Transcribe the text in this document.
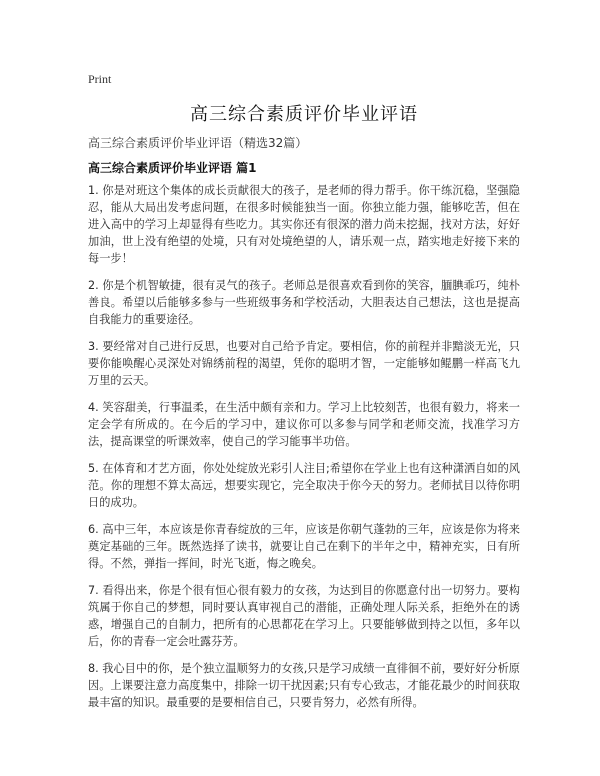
Print
高三综合素质评价毕业评语
高三综合素质评价毕业评语（精选32篇）
高三综合素质评价毕业评语 篇1

1. 你是对班这个集体的成长贡献很大的孩子，是老师的得力帮手。你干练沉稳，坚强隐忍，能从大局出发考虑问题，在很多时候能独当一面。你独立能力强，能够吃苦，但在进入高中的学习上却显得有些吃力。其实你还有很深的潜力尚未挖掘，找对方法，好好加油，世上没有绝望的处境，只有对处境绝望的人，请乐观一点，踏实地走好接下来的每一步！

2. 你是个机智敏捷，很有灵气的孩子。老师总是很喜欢看到你的笑容，腼腆乖巧，纯朴善良。希望以后能够多参与一些班级事务和学校活动，大胆表达自己想法，这也是提高自我能力的重要途径。

3. 要经常对自己进行反思，也要对自己给予肯定。要相信，你的前程并非黯淡无光，只要你能唤醒心灵深处对锦绣前程的渴望，凭你的聪明才智，一定能够如鲲鹏一样高飞九万里的云天。

4. 笑容甜美，行事温柔，在生活中颇有亲和力。学习上比较刻苦，也很有毅力，将来一定会学有所成的。在今后的学习中，建议你可以多参与同学和老师交流，找准学习方法，提高课堂的听课效率，使自己的学习能事半功倍。

5. 在体育和才艺方面，你处处绽放光彩引人注目;希望你在学业上也有这种潇洒自如的风范。你的理想不算太高远，想要实现它，完全取决于你今天的努力。老师拭目以待你明日的成功。

6. 高中三年，本应该是你青春绽放的三年，应该是你朝气蓬勃的三年，应该是你为将来奠定基础的三年。既然选择了读书，就要让自己在剩下的半年之中，精神充实，日有所得。不然，弹指一挥间，时光飞逝，悔之晚矣。

7. 看得出来，你是个很有恒心很有毅力的女孩，为达到目的你愿意付出一切努力。要构筑属于你自己的梦想，同时要认真审视自己的潜能，正确处理人际关系，拒绝外在的诱惑，增强自己的自制力，把所有的心思都花在学习上。只要能够做到持之以恒，多年以后，你的青春一定会吐露芬芳。

8. 我心目中的你，是个独立温顺努力的女孩,只是学习成绩一直徘徊不前，要好好分析原因。上课要注意力高度集中，排除一切干扰因素;只有专心致志，才能花最少的时间获取最丰富的知识。最重要的是要相信自己，只要肯努力，必然有所得。
